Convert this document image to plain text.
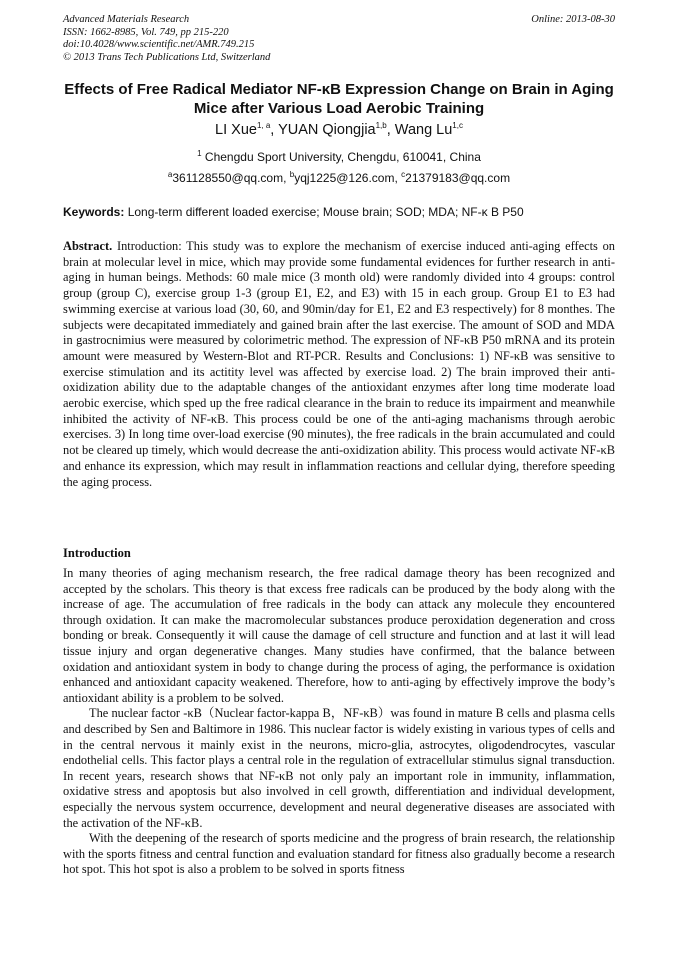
Advanced Materials Research
ISSN: 1662-8985, Vol. 749, pp 215-220
doi:10.4028/www.scientific.net/AMR.749.215
© 2013 Trans Tech Publications Ltd, Switzerland
Online: 2013-08-30
Effects of Free Radical Mediator NF-κB Expression Change on Brain in Aging Mice after Various Load Aerobic Training
LI Xue$^{1, a}$, YUAN Qiongjia$^{1,b}$, Wang Lu$^{1,c}$
$^1$ Chengdu Sport University, Chengdu, 610041, China
$^a$361128550@qq.com, $^b$yqj1225@126.com, $^c$21379183@qq.com
Keywords: Long-term different loaded exercise; Mouse brain; SOD; MDA; NF-κ B P50
Abstract. Introduction: This study was to explore the mechanism of exercise induced anti-aging effects on brain at molecular level in mice, which may provide some fundamental evidences for further research in anti-aging in human beings. Methods: 60 male mice (3 month old) were randomly divided into 4 groups: control group (group C), exercise group 1-3 (group E1, E2, and E3) with 15 in each group. Group E1 to E3 had swimming exercise at various load (30, 60, and 90min/day for E1, E2 and E3 respectively) for 8 monthes. The subjects were decapitated immediately and gained brain after the last exercise. The amount of SOD and MDA in gastrocnimius were measured by colorimetric method. The expression of NF-κB P50 mRNA and its protein amount were measured by Western-Blot and RT-PCR. Results and Conclusions: 1) NF-κB was sensitive to exercise stimulation and its actitity level was affected by exercise load. 2) The brain improved their anti-oxidization ability due to the adaptable changes of the antioxidant enzymes after long time moderate load aerobic exercise, which sped up the free radical clearance in the brain to reduce its impairment and meanwhile inhibited the activity of NF-κB. This process could be one of the anti-aging machanisms through aerobic exercises. 3) In long time over-load exercise (90 minutes), the free radicals in the brain accumulated and could not be cleared up timely, which would decrease the anti-oxidization ability. This process would activate NF-κB and enhance its expression, which may result in inflammation reactions and cellular dying, therefore speeding the aging process.
Introduction

In many theories of aging mechanism research, the free radical damage theory has been recognized and accepted by the scholars. This theory is that excess free radicals can be produced by the body along with the increase of age. The accumulation of free radicals in the body can attack any molecule they encountered through oxidation. It can make the macromolecular substances produce peroxidation degeneration and cross bonding or break. Consequently it will cause the damage of cell structure and function and at last it will lead tissue injury and organ degenerative changes. Many studies have confirmed, that the balance between oxidation and antioxidant system in body to change during the process of aging, the performance is oxidation enhanced and antioxidant capacity weakened. Therefore, how to anti-aging by effectively improve the body’s antioxidant ability is a problem to be solved.

The nuclear factor -κB（Nuclear factor-kappa B，NF-κB）was found in mature B cells and plasma cells and described by Sen and Baltimore in 1986. This nuclear factor is widely existing in various types of cells and in the central nervous it mainly exist in the neurons, micro-glia, astrocytes, oligodendrocytes, vascular endothelial cells. This factor plays a central role in the regulation of extracellular stimulus signal transduction. In recent years, research shows that NF-κB not only paly an important role in immunity, inflammation, oxidative stress and apoptosis but also involved in cell growth, differentiation and individual development, especially the nervous system occurrence, development and neural degenerative diseases are associated with the activation of the NF-κB.

With the deepening of the research of sports medicine and the progress of brain research, the relationship with the sports fitness and central function and evaluation standard for fitness also gradually become a research hot spot. This hot spot is also a problem to be solved in sports fitness
